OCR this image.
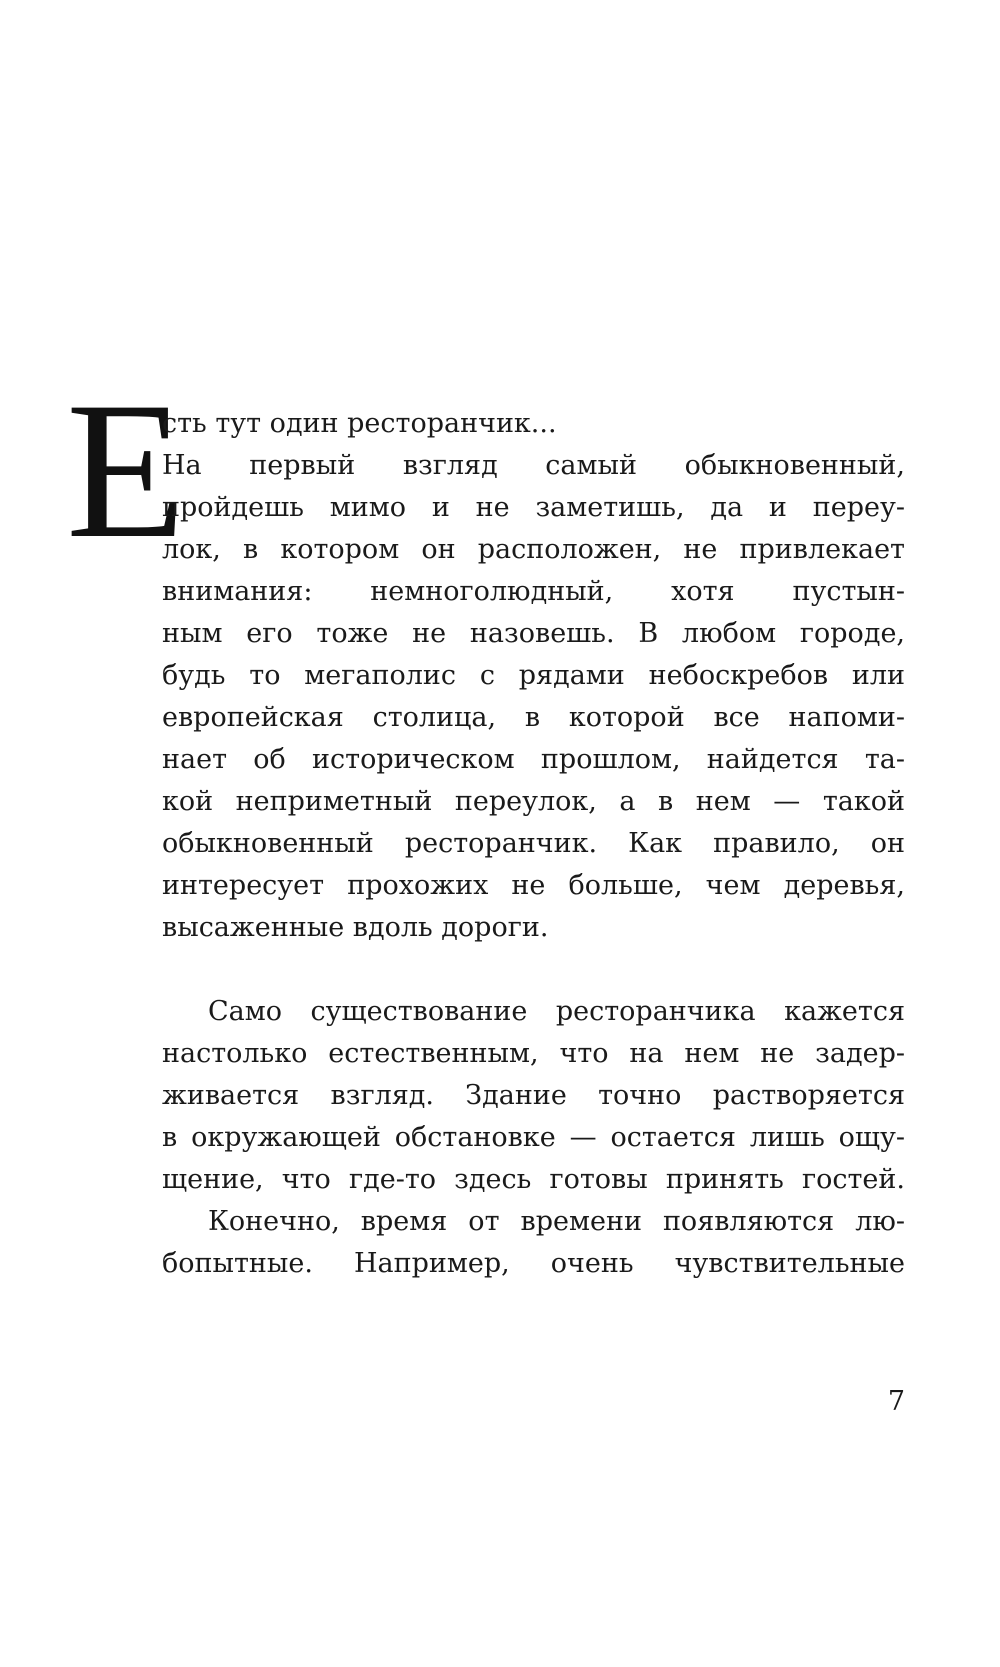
Е

сть тут один ресторанчик...

На первый взгляд самый обыкновенный,

пройдешь мимо и не заметишь, да и переу-

лок, в котором он расположен, не привлекает

внимания: немноголюдный, хотя пустын-

ным его тоже не назовешь. В любом городе,

будь то мегаполис с рядами небоскребов или

европейская столица, в которой все напоми-

нает об историческом прошлом, найдется та-

кой неприметный переулок, а в нем — такой

обыкновенный ресторанчик. Как правило, он

интересует прохожих не больше, чем деревья,

высаженные вдоль дороги.

Само существование ресторанчика кажется

настолько естественным, что на нем не задер-

живается взгляд. Здание точно растворяется

в окружающей обстановке — остается лишь ощу-

щение, что где-то здесь готовы принять гостей.

Конечно, время от времени появляются лю-

бопытные. Например, очень чувствительные

7
